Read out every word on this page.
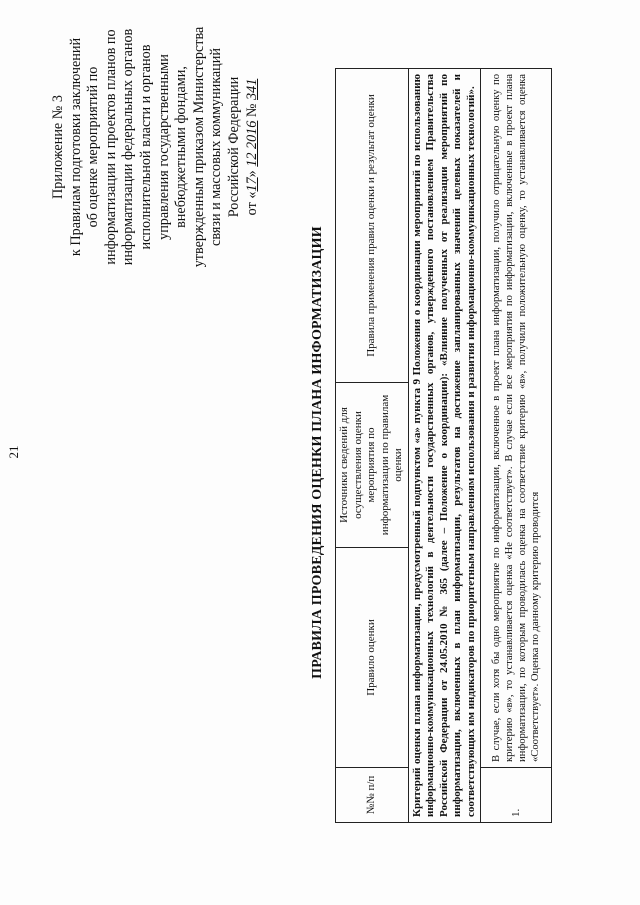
21
Приложение № 3 к Правилам подготовки заключений об оценке мероприятий по информатизации и проектов планов по информатизации федеральных органов исполнительной власти и органов управления государственными внебюджетными фондами, утвержденным приказом Министерства связи и массовых коммуникаций Российской Федерации от «17» 12 2016 № 341
ПРАВИЛА ПРОВЕДЕНИЯ ОЦЕНКИ ПЛАНА ИНФОРМАТИЗАЦИИ
№№ п/п	Правило оценки	Источники сведений для осуществления оценки мероприятия по информатизации по правилам оценки	Правила применения правил оценки и результат оценки
Критерий оценки плана информатизации, предусмотренный подпунктом «а» пункта 9 Положения о координации мероприятий по использованию информационно-коммуникационных технологий в деятельности государственных органов, утвержденного постановлением Правительства Российской Федерации от 24.05.2010 № 365 (далее – Положение о координации): «Влияние полученных от реализации мероприятий по информатизации, включенных в план информатизации, результатов на достижение запланированных значений целевых показателей и соответствующих им индикаторов по приоритетным направлениям использования и развития информационно-коммуникационных технологий».			
1.	В случае, если хотя бы одно мероприятие по информатизации, включенное в проект плана информатизации, получило отрицательную оценку по критерию «в», то устанавливается оценка «Не соответствует». В случае если все мероприятия по информатизации, включенные в проект плана информатизации, по которым проводилась оценка на соответствие критерию «в», получили положительную оценку, то устанавливается оценка «Соответствует». Оценка по данному критерию проводится		
